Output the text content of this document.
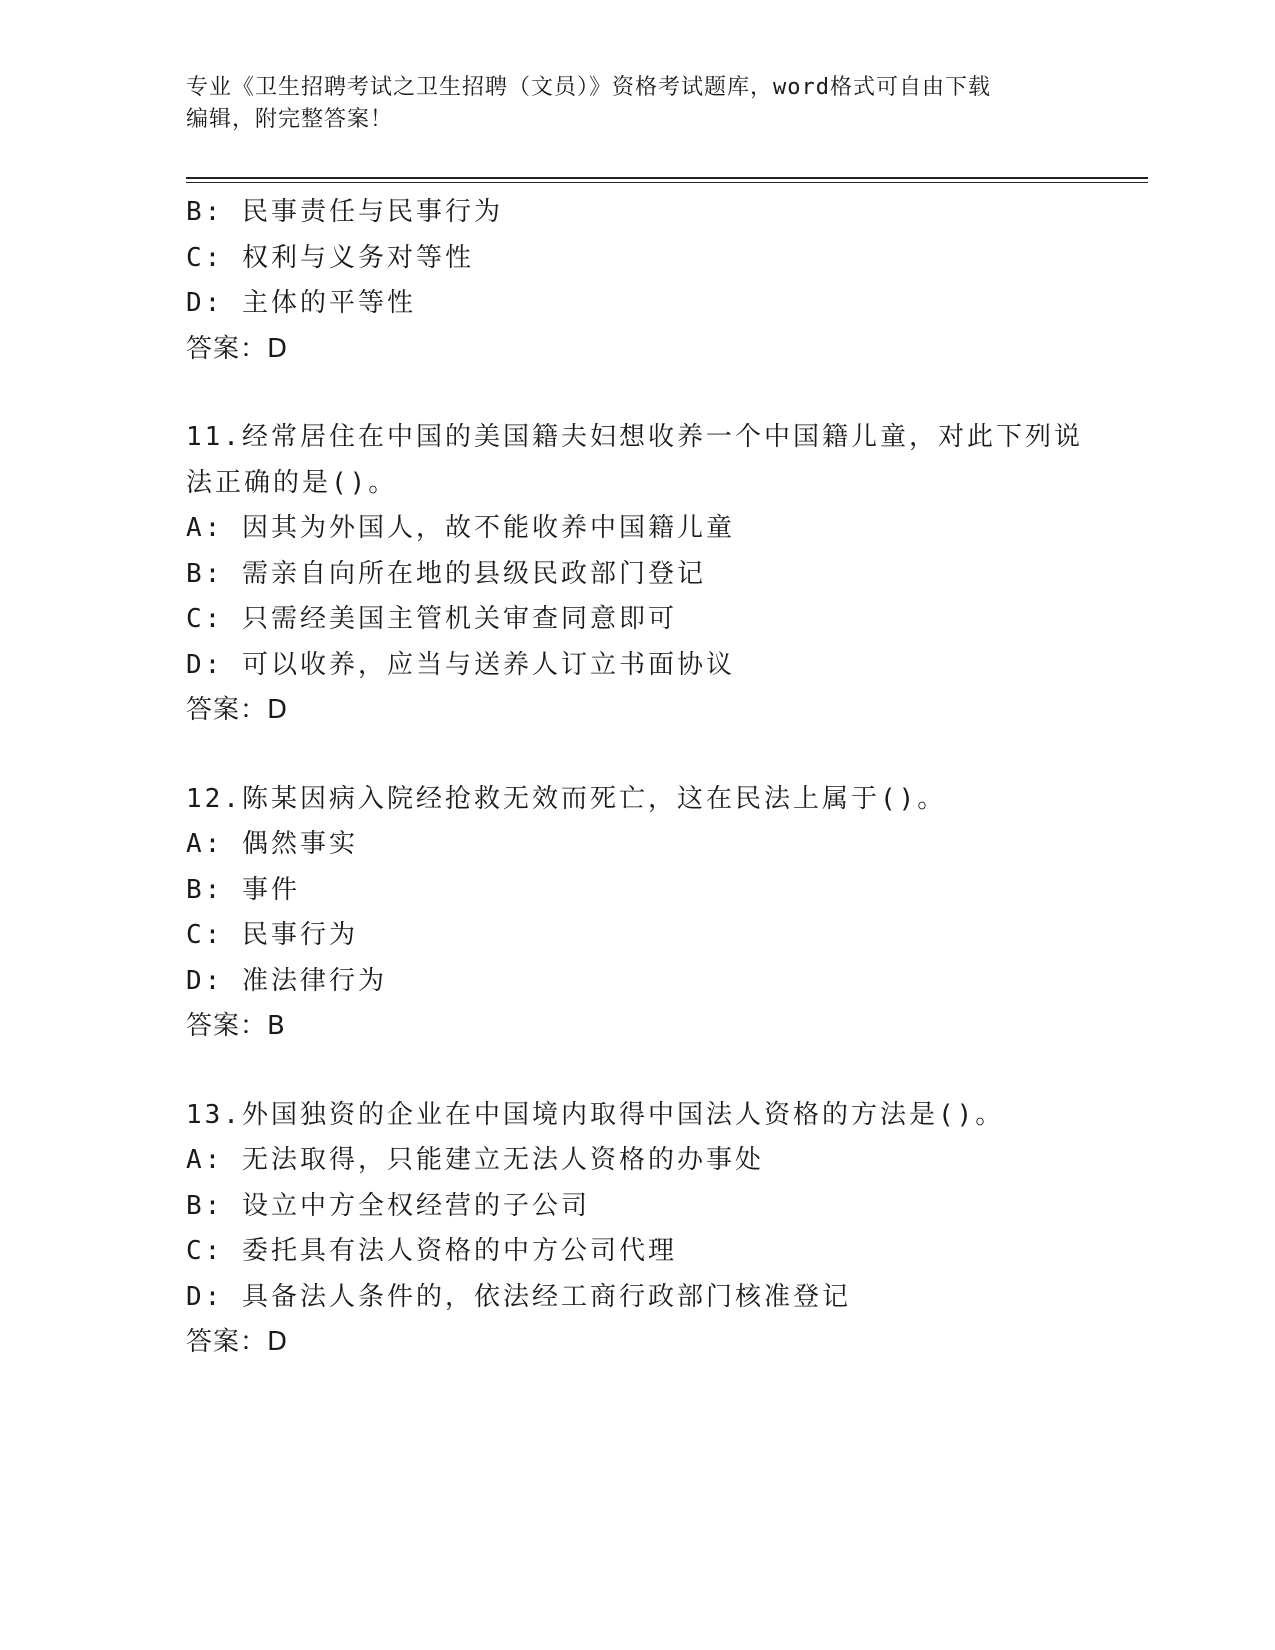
专业《卫生招聘考试之卫生招聘（文员）》资格考试题库，word格式可自由下载
编辑，附完整答案！
B: 民事责任与民事行为
C: 权利与义务对等性
D: 主体的平等性
答案：D
11.经常居住在中国的美国籍夫妇想收养一个中国籍儿童，对此下列说
法正确的是()。
A: 因其为外国人，故不能收养中国籍儿童
B: 需亲自向所在地的县级民政部门登记
C: 只需经美国主管机关审查同意即可
D: 可以收养，应当与送养人订立书面协议
答案：D
12.陈某因病入院经抢救无效而死亡，这在民法上属于()。
A: 偶然事实
B: 事件
C: 民事行为
D: 准法律行为
答案：B
13.外国独资的企业在中国境内取得中国法人资格的方法是()。
A: 无法取得，只能建立无法人资格的办事处
B: 设立中方全权经营的子公司
C: 委托具有法人资格的中方公司代理
D: 具备法人条件的，依法经工商行政部门核准登记
答案：D
